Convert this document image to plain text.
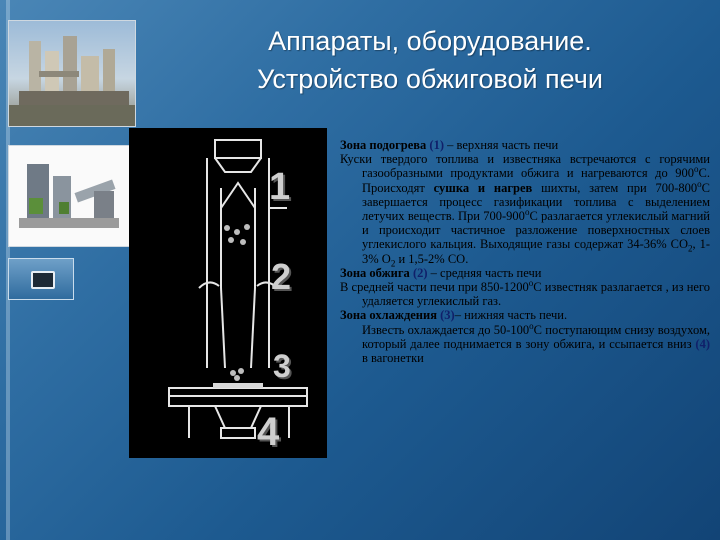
Аппараты, оборудование.
Устройство обжиговой печи
1
2
3
4

Зона подогрева (1) – верхняя часть печи

Куски твердого топлива и известняка встречаются с горячими газообразными продуктами обжига и нагреваются до $900^оС$. Происходят сушка и нагрев шихты, затем при $700-800^оС$ завершается процесс газификации топлива с выделением летучих веществ. При $700-900^оС$ разлагается углекислый магний и происходит частичное разложение поверхностных слоев углекислого кальция. Выходящие газы содержат 34-36% $СО_2$, 1-3% $О_2$ и 1,5-2% СО.

Зона обжига (2) – средняя часть печи

В средней части печи при $850-1200^оС$ известняк разлагается , из него удаляется углекислый газ.

Зона охлаждения (3)– нижняя часть печи.

Известь охлаждается до $50-100^оС$ поступающим снизу воздухом, который далее поднимается в зону обжига, и ссыпается вниз (4) в вагонетки
